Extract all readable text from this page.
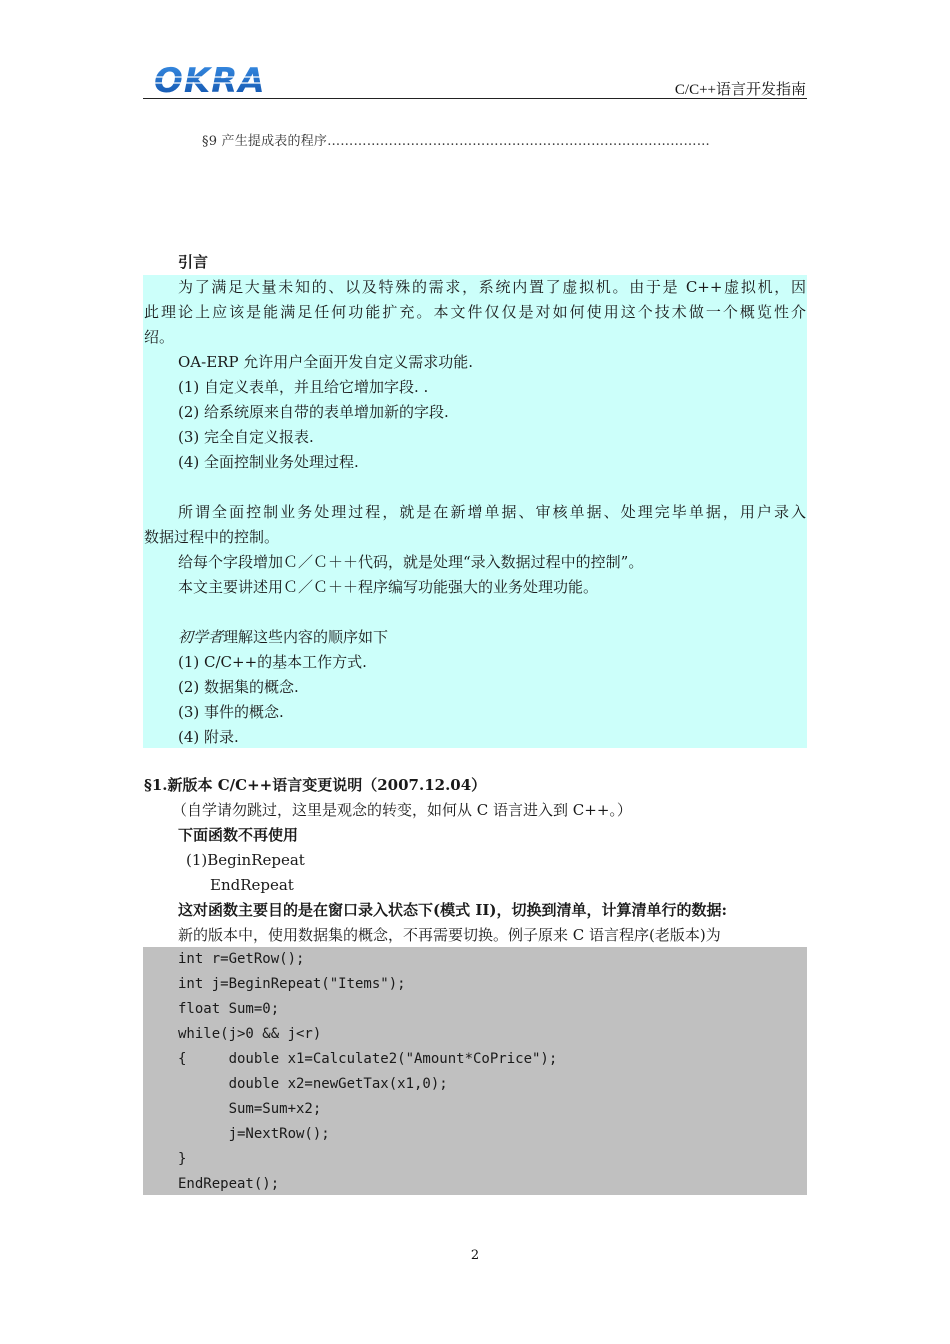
OKRA	C/C++语言开发指南
§9 产生提成表的程序……………………………………………………………………………
引言
为了满足大量未知的、以及特殊的需求，系统内置了虚拟机。由于是 C++虚拟机，因
此理论上应该是能满足任何功能扩充。本文件仅仅是对如何使用这个技术做一个概览性介
绍。
OA-ERP 允许用户全面开发自定义需求功能.
(1) 自定义表单，并且给它增加字段. .
(2) 给系统原来自带的表单增加新的字段.
(3) 完全自定义报表.
(4) 全面控制业务处理过程.
所谓全面控制业务处理过程，就是在新增单据、审核单据、处理完毕单据，用户录入
数据过程中的控制。
给每个字段增加Ｃ／Ｃ＋＋代码，就是处理“录入数据过程中的控制”。
本文主要讲述用Ｃ／Ｃ＋＋程序编写功能强大的业务处理功能。
初学者理解这些内容的顺序如下
(1) C/C++的基本工作方式.
(2) 数据集的概念.
(3) 事件的概念.
(4) 附录.
§1.新版本 C/C++语言变更说明（2007.12.04）
（自学请勿跳过，这里是观念的转变，如何从 C 语言进入到 C++。）
下面函数不再使用
(1)BeginRepeat
EndRepeat
这对函数主要目的是在窗口录入状态下(模式 II)，切换到清单，计算清单行的数据:
新的版本中，使用数据集的概念，不再需要切换。例子原来 C 语言程序(老版本)为
int r=GetRow();
int j=BeginRepeat("Items");
float Sum=0;
while(j>0 && j<r)
{     double x1=Calculate2("Amount*CoPrice");
double x2=newGetTax(x1,0);
Sum=Sum+x2;
j=NextRow();
}
EndRepeat();
2
